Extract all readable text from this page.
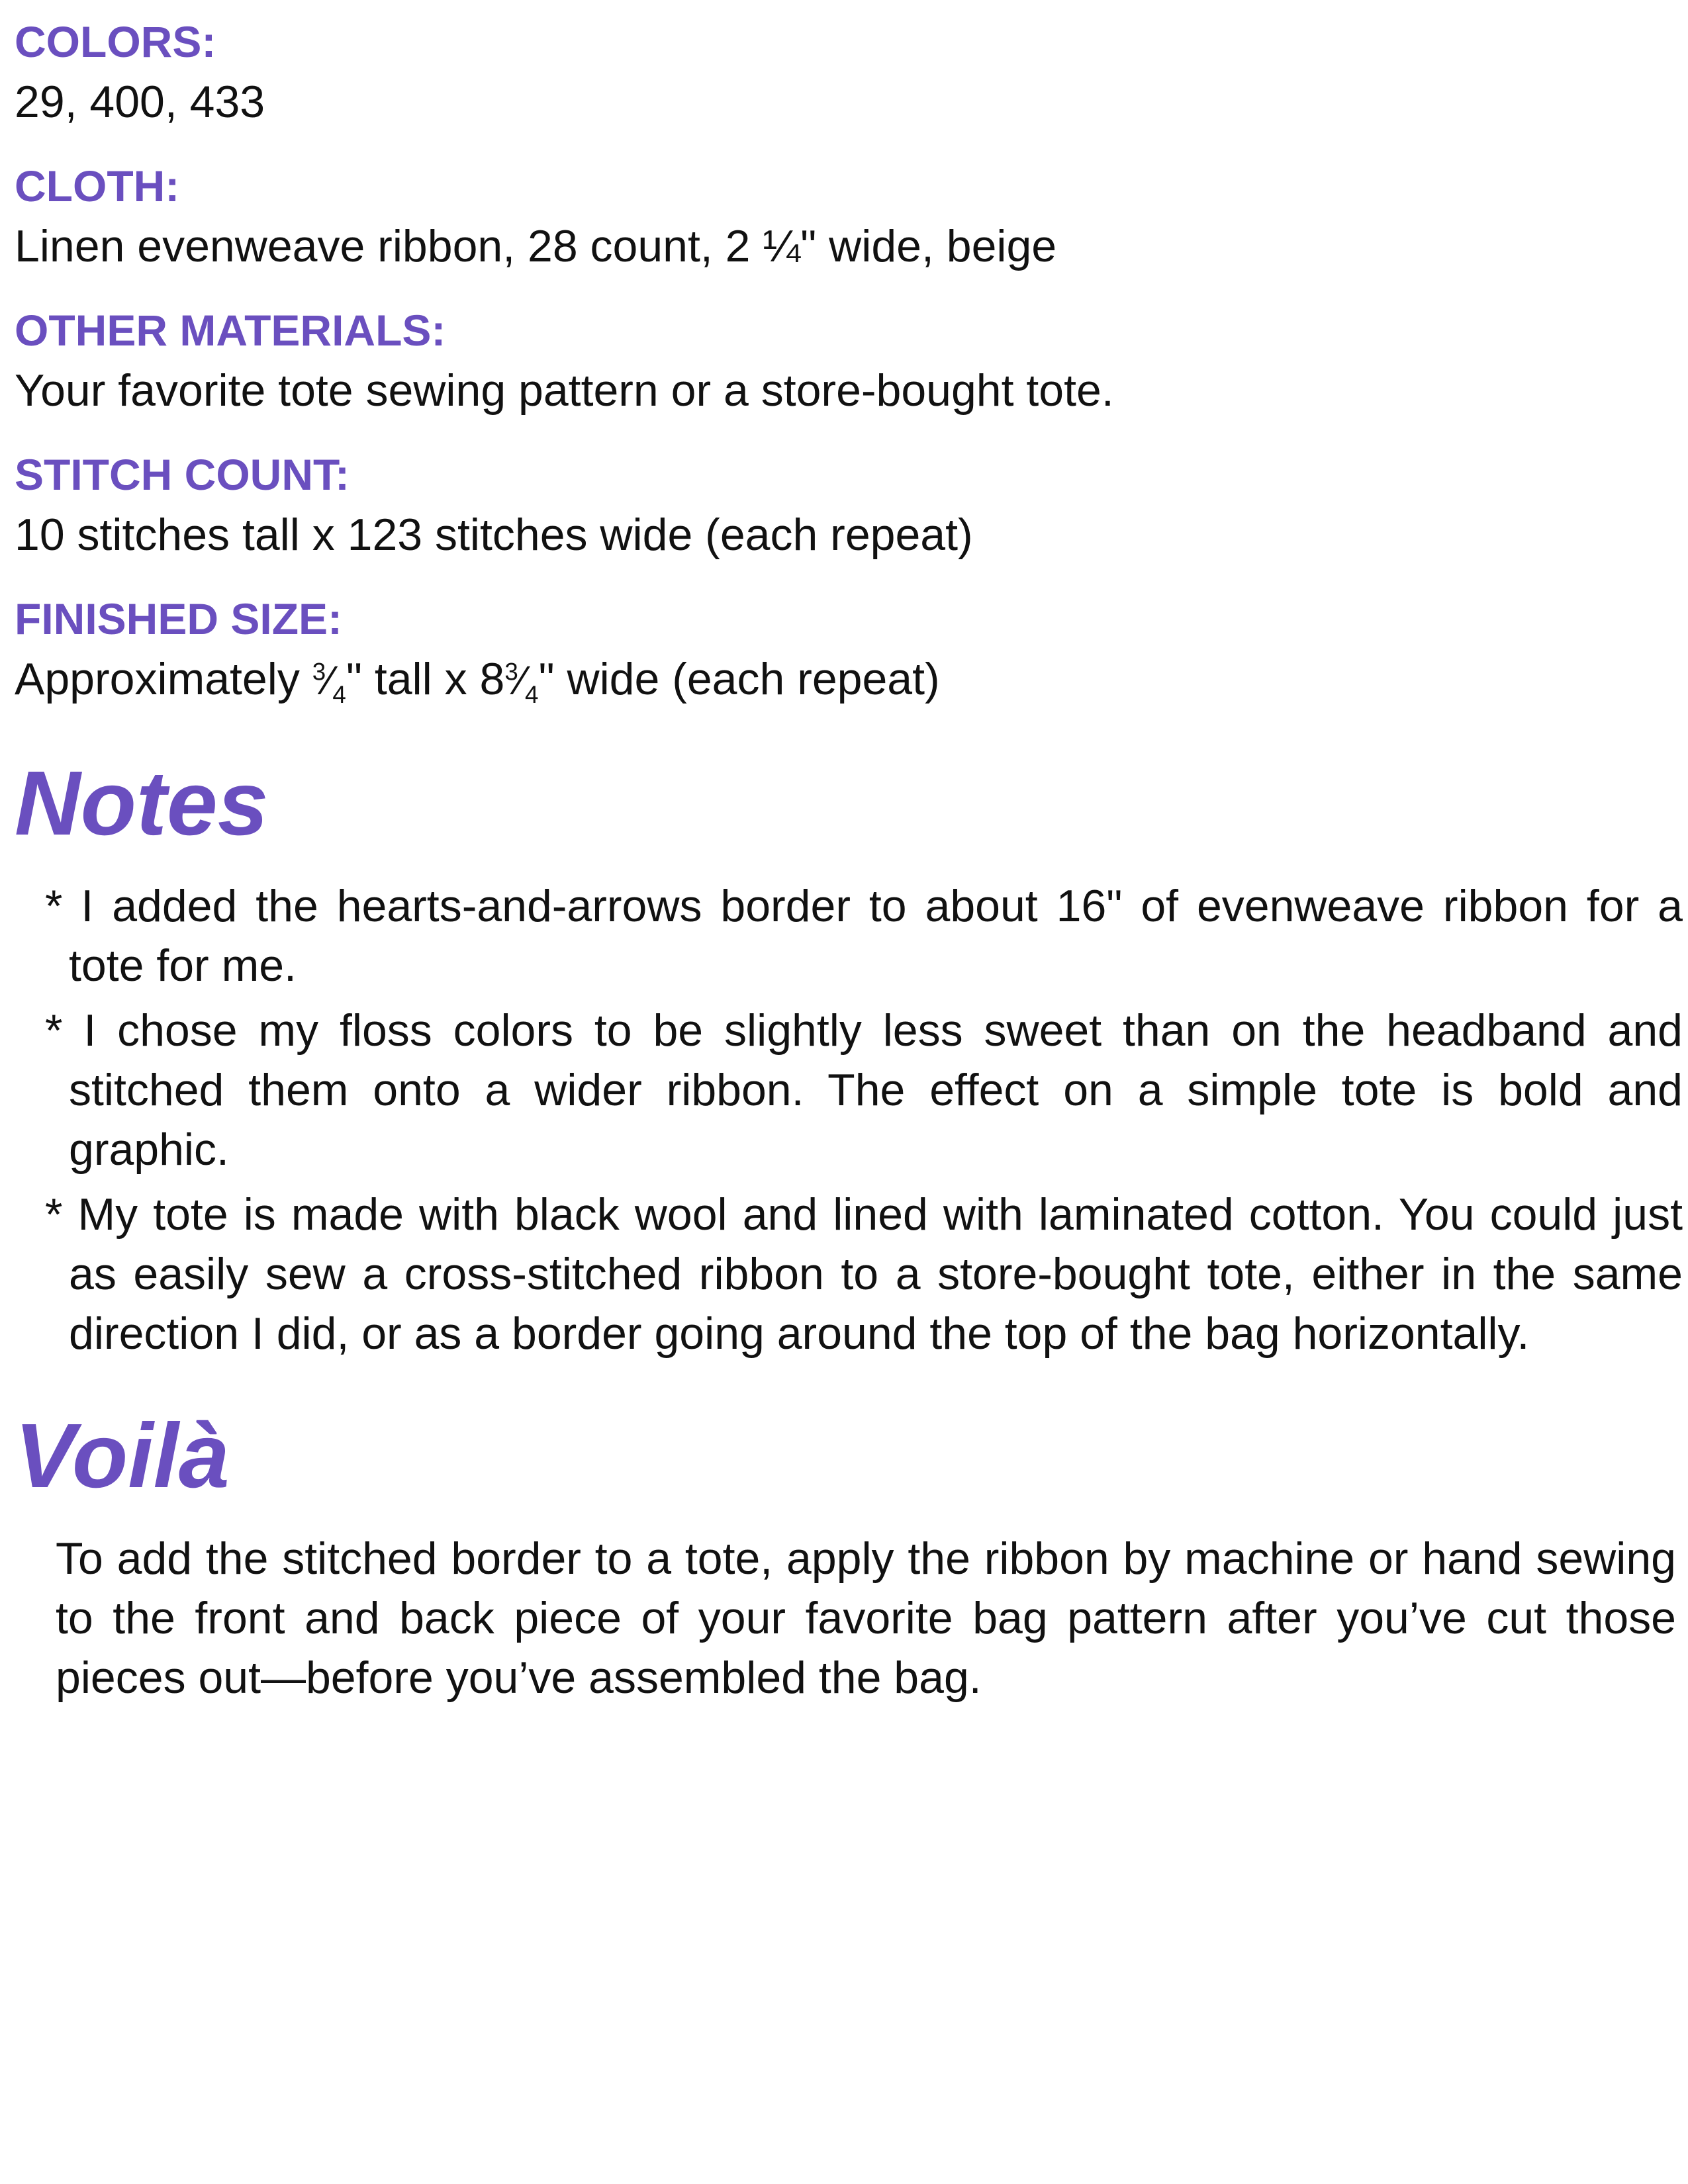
COLORS:

29, 400, 433

CLOTH:

Linen evenweave ribbon, 28 count, 2 ¼" wide, beige

OTHER MATERIALS:

Your favorite tote sewing pattern or a store-bought tote.

STITCH COUNT:

10 stitches tall x 123 stitches wide (each repeat)

FINISHED SIZE:

Approximately $^3⁄_4$" tall x $8^3⁄_4$" wide (each repeat)

Notes
* I added the hearts-and-arrows border to about 16" of evenweave ribbon for a tote for me.
* I chose my floss colors to be slightly less sweet than on the headband and stitched them onto a wider ribbon. The effect on a simple tote is bold and graphic.
* My tote is made with black wool and lined with laminated cotton. You could just as easily sew a cross-stitched ribbon to a store-bought tote, either in the same direction I did, or as a border going around the top of the bag horizontally.
Voilà

To add the stitched border to a tote, apply the ribbon by machine or hand sewing to the front and back piece of your favorite bag pattern after you’ve cut those pieces out—before you’ve assembled the bag.
